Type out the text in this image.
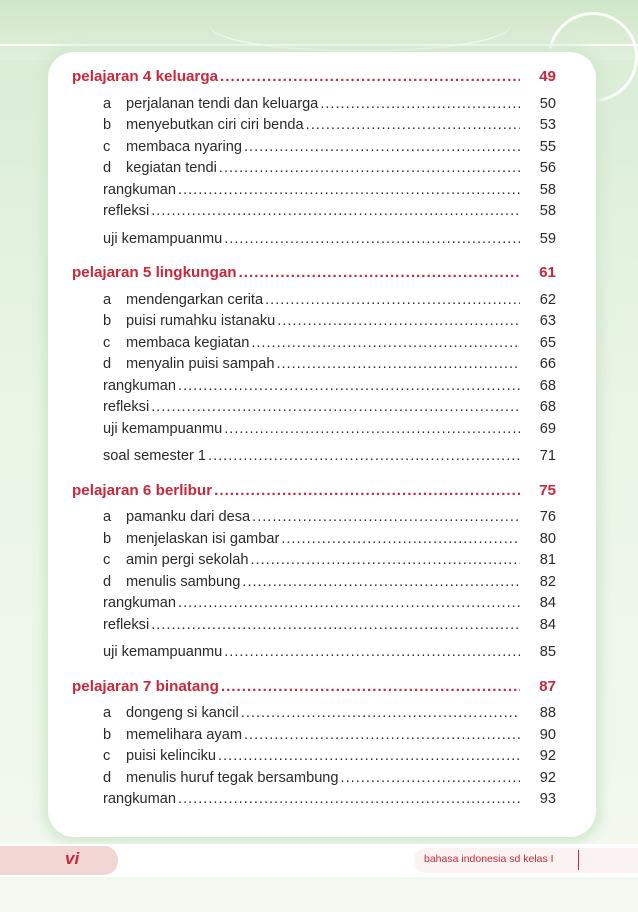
pelajaran 4 keluarga .....	49
a	perjalanan tendi dan keluarga .....	50
b	menyebutkan ciri ciri benda .....	53
c	membaca nyaring .....	55
d	kegiatan tendi .....	56
rangkuman .....	58
refleksi .....	58
uji kemampuanmu .....	59
pelajaran 5 lingkungan .....	61
a	mendengarkan cerita .....	62
b	puisi rumahku istanaku .....	63
c	membaca kegiatan .....	65
d	menyalin puisi sampah .....	66
rangkuman .....	68
refleksi .....	68
uji kemampuanmu .....	69
soal semester 1 .....	71
pelajaran 6 berlibur .....	75
a	pamanku dari desa .....	76
b	menjelaskan isi gambar .....	80
c	amin pergi sekolah .....	81
d	menulis sambung .....	82
rangkuman .....	84
refleksi .....	84
uji kemampuanmu .....	85
pelajaran 7 binatang .....	87
a	dongeng si kancil .....	88
b	memelihara ayam .....	90
c	puisi kelinciku .....	92
d	menulis huruf tegak bersambung .....	92
rangkuman .....	93
vi	bahasa indonesia sd kelas I
